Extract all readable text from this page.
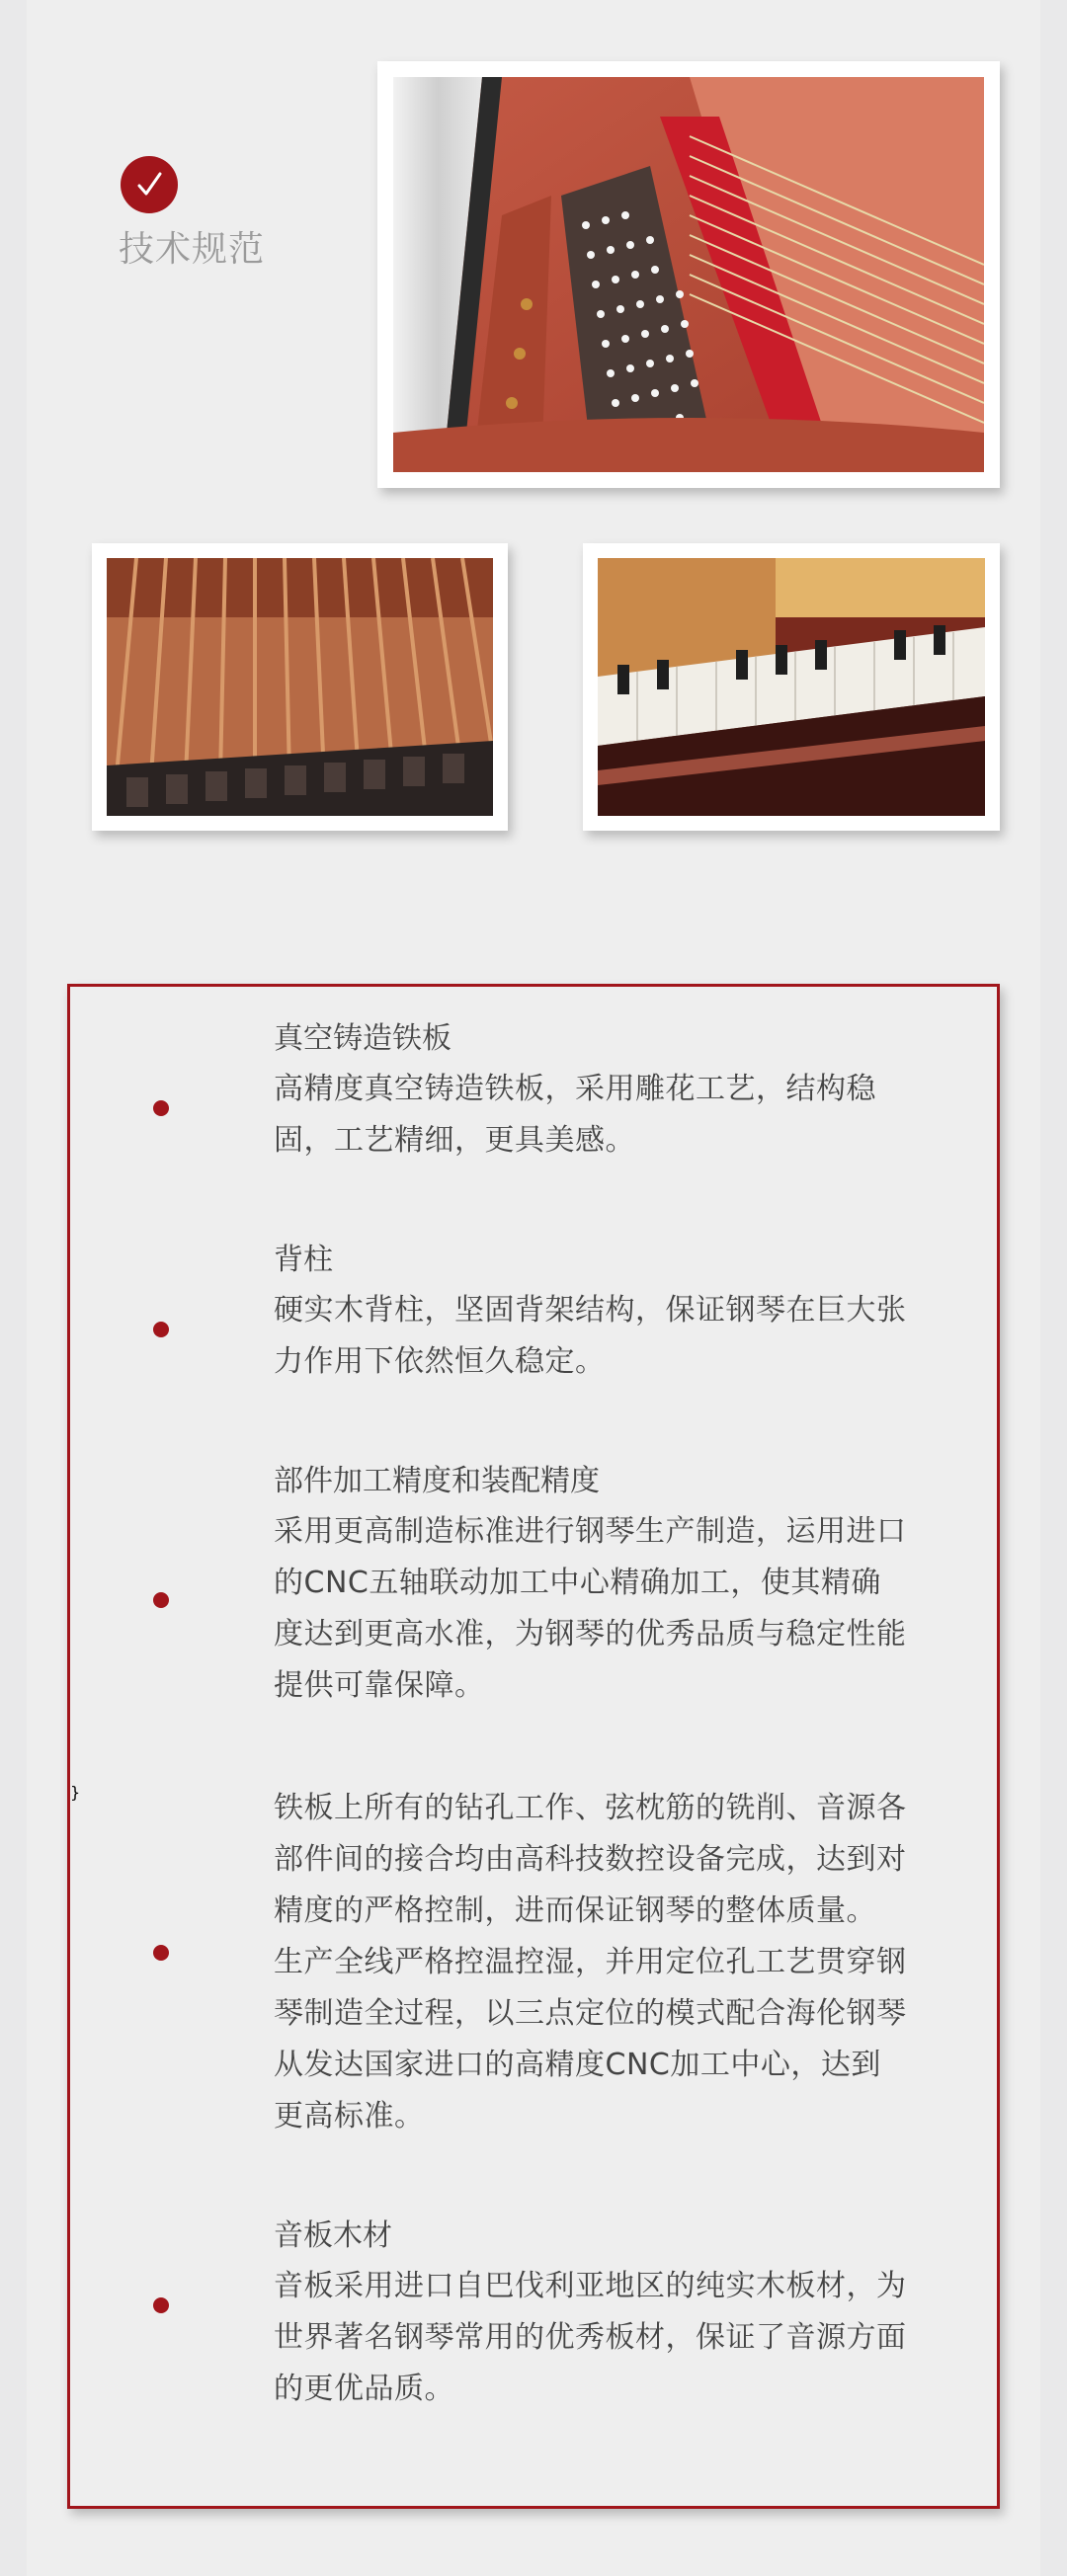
技术规范
真空铸造铁板
高精度真空铸造铁板，采用雕花工艺，结构稳
固，工艺精细，更具美感。
背柱
硬实木背柱，坚固背架结构，保证钢琴在巨大张
力作用下依然恒久稳定。
部件加工精度和装配精度
采用更高制造标准进行钢琴生产制造，运用进口
的CNC五轴联动加工中心精确加工，使其精确
度达到更高水准，为钢琴的优秀品质与稳定性能
提供可靠保障。
铁板上所有的钻孔工作、弦枕筋的铣削、音源各
部件间的接合均由高科技数控设备完成，达到对
精度的严格控制，进而保证钢琴的整体质量。
生产全线严格控温控湿，并用定位孔工艺贯穿钢
琴制造全过程，以三点定位的模式配合海伦钢琴
从发达国家进口的高精度CNC加工中心，达到
更高标准。
}
音板木材
音板采用进口自巴伐利亚地区的纯实木板材，为
世界著名钢琴常用的优秀板材，保证了音源方面
的更优品质。
